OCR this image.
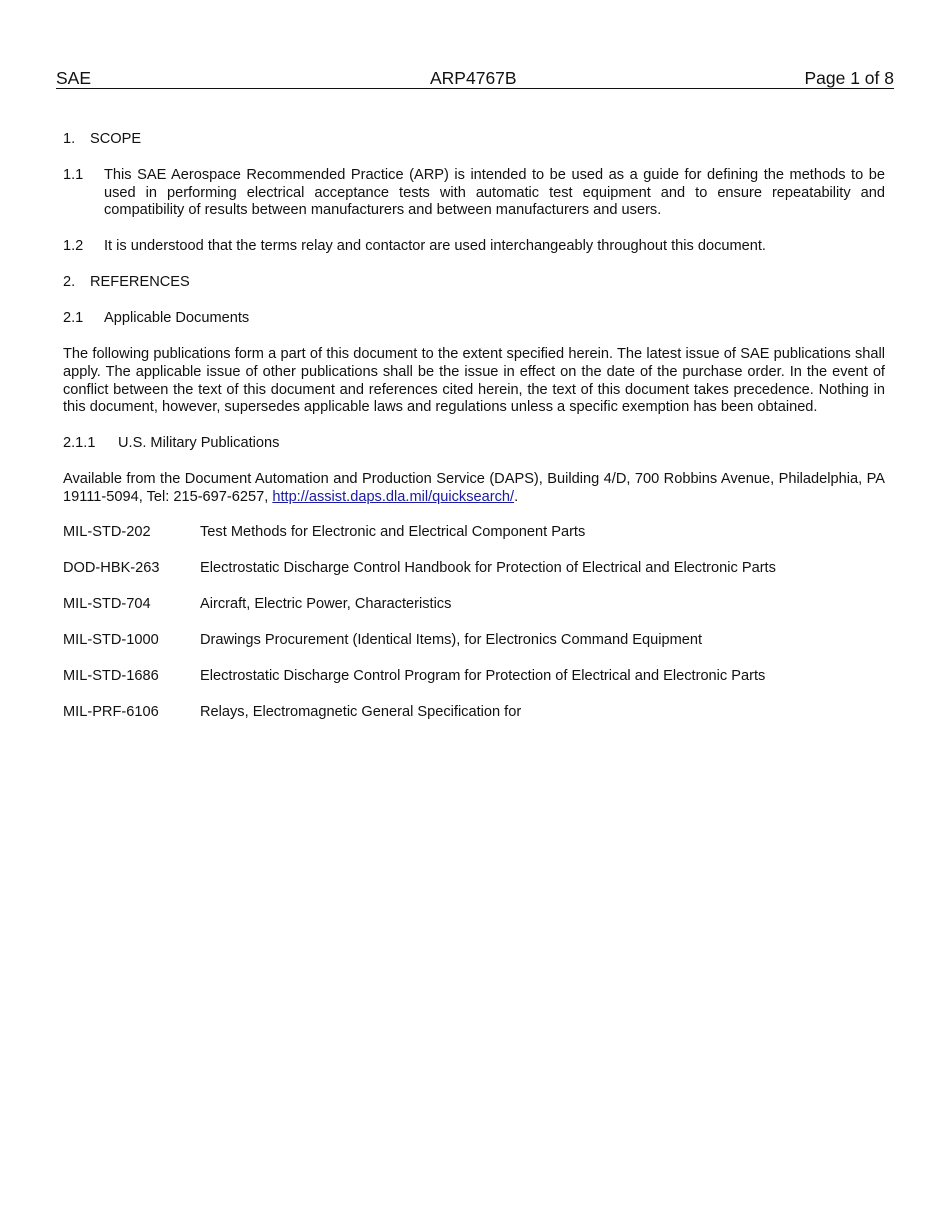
SAE	ARP4767B	Page 1 of 8
1. SCOPE
1.1 This SAE Aerospace Recommended Practice (ARP) is intended to be used as a guide for defining the methods to be used in performing electrical acceptance tests with automatic test equipment and to ensure repeatability and compatibility of results between manufacturers and between manufacturers and users.
1.2 It is understood that the terms relay and contactor are used interchangeably throughout this document.
2. REFERENCES
2.1 Applicable Documents
The following publications form a part of this document to the extent specified herein. The latest issue of SAE publications shall apply. The applicable issue of other publications shall be the issue in effect on the date of the purchase order. In the event of conflict between the text of this document and references cited herein, the text of this document takes precedence. Nothing in this document, however, supersedes applicable laws and regulations unless a specific exemption has been obtained.
2.1.1 U.S. Military Publications
Available from the Document Automation and Production Service (DAPS), Building 4/D, 700 Robbins Avenue, Philadelphia, PA 19111-5094, Tel: 215-697-6257, http://assist.daps.dla.mil/quicksearch/.
MIL-STD-202	Test Methods for Electronic and Electrical Component Parts
DOD-HBK-263	Electrostatic Discharge Control Handbook for Protection of Electrical and Electronic Parts
MIL-STD-704	Aircraft, Electric Power, Characteristics
MIL-STD-1000	Drawings Procurement (Identical Items), for Electronics Command Equipment
MIL-STD-1686	Electrostatic Discharge Control Program for Protection of Electrical and Electronic Parts
MIL-PRF-6106	Relays, Electromagnetic General Specification for
